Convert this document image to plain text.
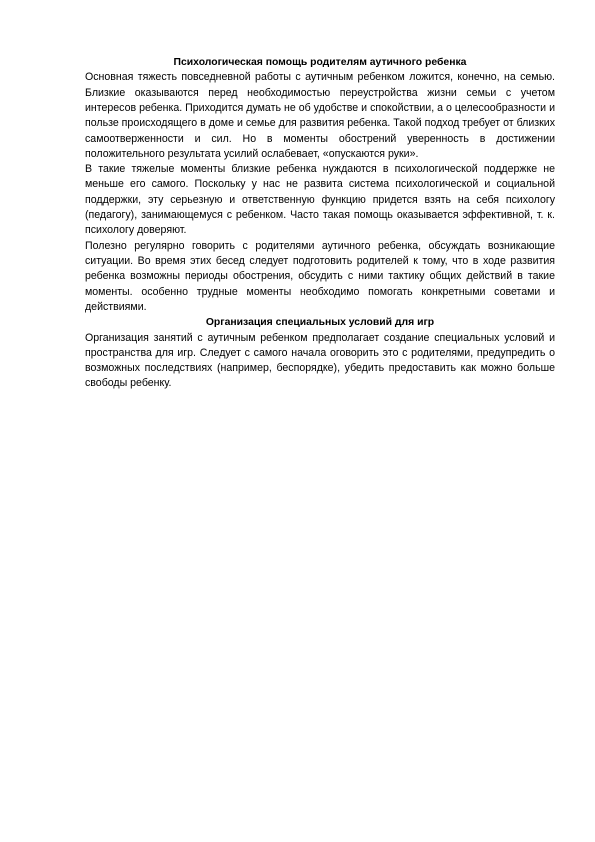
Психологическая помощь родителям аутичного ребенка

Основная тяжесть повседневной работы с аутичным ребенком ложится, конечно, на семью. Близкие оказываются перед необходимостью переустройства жизни семьи с учетом интересов ребенка. Приходится думать не об удобстве и спокойствии, а о целесообразности и пользе происходящего в доме и семье для развития ребенка. Такой подход требует от близких самоотверженности и сил. Но в моменты обострений уверенность в достижении положительного результата усилий ослабевает, «опускаются руки».

В такие тяжелые моменты близкие ребенка нуждаются в психологической поддержке не меньше его самого. Поскольку у нас не развита система психологической и социальной поддержки, эту серьезную и ответственную функцию придется взять на себя психологу (педагогу), занимающемуся с ребенком. Часто такая помощь оказывается эффективной, т. к. психологу доверяют.

Полезно регулярно говорить с родителями аутичного ребенка, обсуждать возникающие ситуации. Во время этих бесед следует подготовить родителей к тому, что в ходе развития ребенка возможны периоды обострения, обсудить с ними тактику общих действий в такие моменты. особенно трудные моменты необходимо помогать конкретными советами и действиями.

Организация специальных условий для игр

Организация занятий с аутичным ребенком предполагает создание специальных условий и пространства для игр. Следует с самого начала оговорить это с родителями, предупредить о возможных последствиях (например, беспорядке), убедить предоставить как можно больше свободы ребенку.
